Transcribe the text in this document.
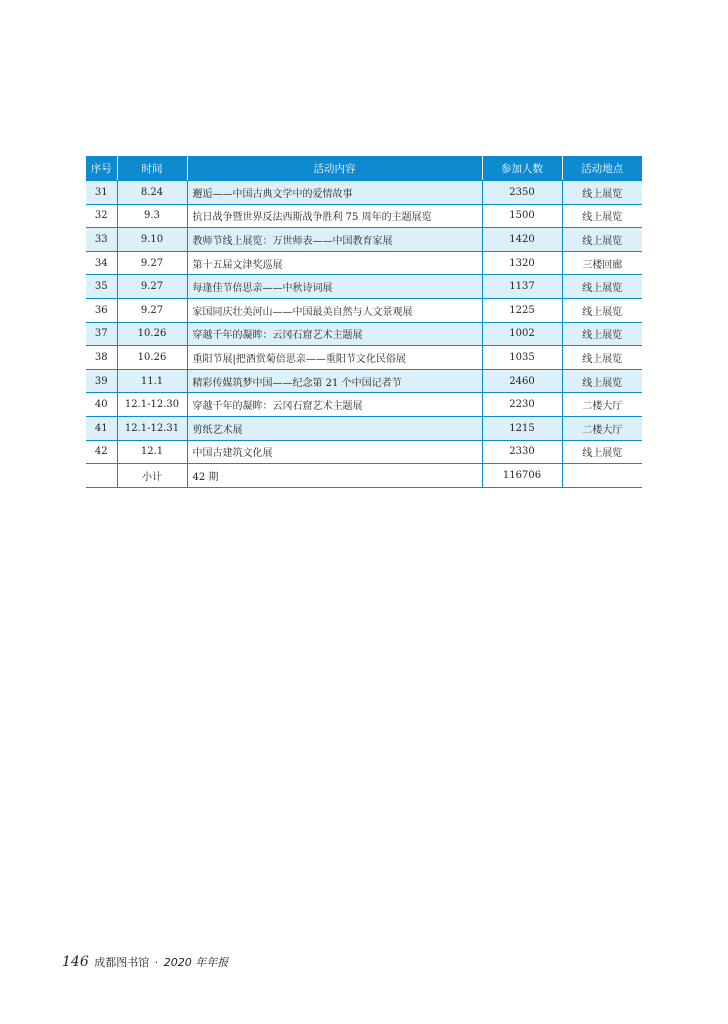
序号	时间	活动内容	参加人数	活动地点
31	8.24	邂逅——中国古典文学中的爱情故事	2350	线上展览
32	9.3	抗日战争暨世界反法西斯战争胜利 75 周年的主题展览	1500	线上展览
33	9.10	教师节线上展览：万世师表——中国教育家展	1420	线上展览
34	9.27	第十五届文津奖巡展	1320	三楼回廊
35	9.27	每逢佳节倍思亲——中秋诗词展	1137	线上展览
36	9.27	家国同庆壮美河山——中国最美自然与人文景观展	1225	线上展览
37	10.26	穿越千年的凝眸：云冈石窟艺术主题展	1002	线上展览
38	10.26	重阳节展|把酒赏菊倍思亲——重阳节文化民俗展	1035	线上展览
39	11.1	精彩传媒筑梦中国——纪念第 21 个中国记者节	2460	线上展览
40	12.1-12.30	穿越千年的凝眸：云冈石窟艺术主题展	2230	二楼大厅
41	12.1-12.31	剪纸艺术展	1215	二楼大厅
42	12.1	中国古建筑文化展	2330	线上展览
	小计	42 期	116706	
146 成都图书馆 · 2020 年年报
